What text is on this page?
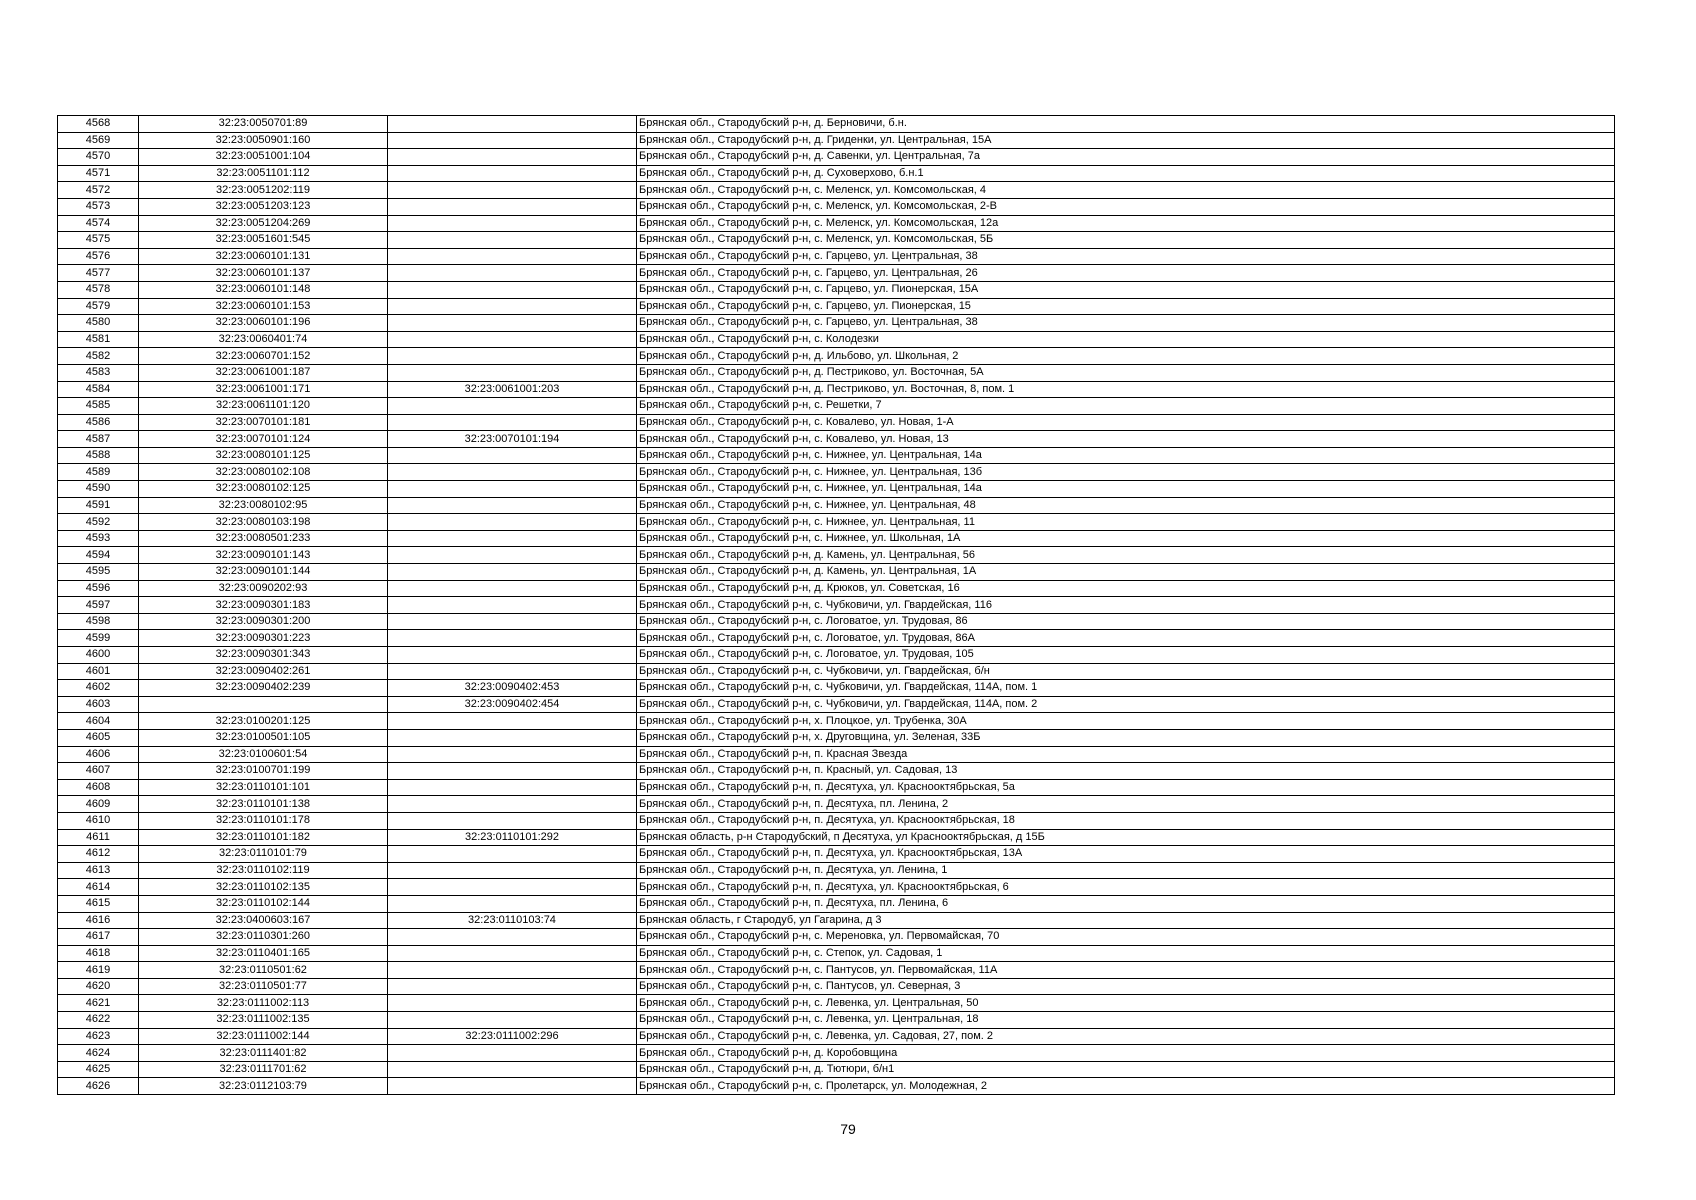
4568	32:23:0050701:89		Брянская обл., Стародубский р-н, д. Берновичи, б.н.
4569	32:23:0050901:160		Брянская обл., Стародубский р-н, д. Гриденки, ул. Центральная, 15А
4570	32:23:0051001:104		Брянская обл., Стародубский р-н, д. Савенки, ул. Центральная, 7а
4571	32:23:0051101:112		Брянская обл., Стародубский р-н, д. Суховерхово, б.н.1
4572	32:23:0051202:119		Брянская обл., Стародубский р-н, с. Меленск, ул. Комсомольская, 4
4573	32:23:0051203:123		Брянская обл., Стародубский р-н, с. Меленск, ул. Комсомольская, 2-В
4574	32:23:0051204:269		Брянская обл., Стародубский р-н, с. Меленск, ул. Комсомольская, 12а
4575	32:23:0051601:545		Брянская обл., Стародубский р-н, с. Меленск, ул. Комсомольская, 5Б
4576	32:23:0060101:131		Брянская обл., Стародубский р-н, с. Гарцево, ул. Центральная, 38
4577	32:23:0060101:137		Брянская обл., Стародубский р-н, с. Гарцево, ул. Центральная, 26
4578	32:23:0060101:148		Брянская обл., Стародубский р-н, с. Гарцево, ул. Пионерская, 15А
4579	32:23:0060101:153		Брянская обл., Стародубский р-н, с. Гарцево, ул. Пионерская, 15
4580	32:23:0060101:196		Брянская обл., Стародубский р-н, с. Гарцево, ул. Центральная, 38
4581	32:23:0060401:74		Брянская обл., Стародубский р-н, с. Колодезки
4582	32:23:0060701:152		Брянская обл., Стародубский р-н, д. Ильбово, ул. Школьная, 2
4583	32:23:0061001:187		Брянская обл., Стародубский р-н, д. Пестриково, ул. Восточная, 5А
4584	32:23:0061001:171	32:23:0061001:203	Брянская обл., Стародубский р-н, д. Пестриково, ул. Восточная, 8, пом. 1
4585	32:23:0061101:120		Брянская обл., Стародубский р-н, с. Решетки, 7
4586	32:23:0070101:181		Брянская обл., Стародубский р-н, с. Ковалево, ул. Новая, 1-А
4587	32:23:0070101:124	32:23:0070101:194	Брянская обл., Стародубский р-н, с. Ковалево, ул. Новая, 13
4588	32:23:0080101:125		Брянская обл., Стародубский р-н, с. Нижнее, ул. Центральная, 14а
4589	32:23:0080102:108		Брянская обл., Стародубский р-н, с. Нижнее, ул. Центральная, 13б
4590	32:23:0080102:125		Брянская обл., Стародубский р-н, с. Нижнее, ул. Центральная, 14а
4591	32:23:0080102:95		Брянская обл., Стародубский р-н, с. Нижнее, ул. Центральная, 48
4592	32:23:0080103:198		Брянская обл., Стародубский р-н, с. Нижнее, ул. Центральная, 11
4593	32:23:0080501:233		Брянская обл., Стародубский р-н, с. Нижнее, ул. Школьная, 1А
4594	32:23:0090101:143		Брянская обл., Стародубский р-н, д. Камень, ул. Центральная, 56
4595	32:23:0090101:144		Брянская обл., Стародубский р-н, д. Камень, ул. Центральная, 1А
4596	32:23:0090202:93		Брянская обл., Стародубский р-н, д. Крюков, ул. Советская, 16
4597	32:23:0090301:183		Брянская обл., Стародубский р-н, с. Чубковичи, ул. Гвардейская, 116
4598	32:23:0090301:200		Брянская обл., Стародубский р-н, с. Логоватое, ул. Трудовая, 86
4599	32:23:0090301:223		Брянская обл., Стародубский р-н, с. Логоватое, ул. Трудовая, 86А
4600	32:23:0090301:343		Брянская обл., Стародубский р-н, с. Логоватое, ул. Трудовая, 105
4601	32:23:0090402:261		Брянская обл., Стародубский р-н, с. Чубковичи, ул. Гвардейская, б/н
4602	32:23:0090402:239	32:23:0090402:453	Брянская обл., Стародубский р-н, с. Чубковичи, ул. Гвардейская, 114А, пом. 1
4603		32:23:0090402:454	Брянская обл., Стародубский р-н, с. Чубковичи, ул. Гвардейская, 114А, пом. 2
4604	32:23:0100201:125		Брянская обл., Стародубский р-н, х. Плоцкое, ул. Трубенка, 30А
4605	32:23:0100501:105		Брянская обл., Стародубский р-н, х. Друговщина, ул. Зеленая, 33Б
4606	32:23:0100601:54		Брянская обл., Стародубский р-н, п. Красная Звезда
4607	32:23:0100701:199		Брянская обл., Стародубский р-н, п. Красный, ул. Садовая, 13
4608	32:23:0110101:101		Брянская обл., Стародубский р-н, п. Десятуха, ул. Краснооктябрьская, 5а
4609	32:23:0110101:138		Брянская обл., Стародубский р-н, п. Десятуха, пл. Ленина, 2
4610	32:23:0110101:178		Брянская обл., Стародубский р-н, п. Десятуха, ул. Краснооктябрьская, 18
4611	32:23:0110101:182	32:23:0110101:292	Брянская область, р-н Стародубский, п Десятуха, ул Краснооктябрьская, д 15Б
4612	32:23:0110101:79		Брянская обл., Стародубский р-н, п. Десятуха, ул. Краснооктябрьская, 13А
4613	32:23:0110102:119		Брянская обл., Стародубский р-н, п. Десятуха, ул. Ленина, 1
4614	32:23:0110102:135		Брянская обл., Стародубский р-н, п. Десятуха, ул. Краснооктябрьская, 6
4615	32:23:0110102:144		Брянская обл., Стародубский р-н, п. Десятуха, пл. Ленина, 6
4616	32:23:0400603:167	32:23:0110103:74	Брянская область, г Стародуб, ул Гагарина, д 3
4617	32:23:0110301:260		Брянская обл., Стародубский р-н, с. Мереновка, ул. Первомайская, 70
4618	32:23:0110401:165		Брянская обл., Стародубский р-н, с. Степок, ул. Садовая, 1
4619	32:23:0110501:62		Брянская обл., Стародубский р-н, с. Пантусов, ул. Первомайская, 11А
4620	32:23:0110501:77		Брянская обл., Стародубский р-н, с. Пантусов, ул. Северная, 3
4621	32:23:0111002:113		Брянская обл., Стародубский р-н, с. Левенка, ул. Центральная, 50
4622	32:23:0111002:135		Брянская обл., Стародубский р-н, с. Левенка, ул. Центральная, 18
4623	32:23:0111002:144	32:23:0111002:296	Брянская обл., Стародубский р-н, с. Левенка, ул. Садовая, 27, пом. 2
4624	32:23:0111401:82		Брянская обл., Стародубский р-н, д. Коробовщина
4625	32:23:0111701:62		Брянская обл., Стародубский р-н, д. Тютюри, б/н1
4626	32:23:0112103:79		Брянская обл., Стародубский р-н, с. Пролетарск, ул. Молодежная, 2
79
